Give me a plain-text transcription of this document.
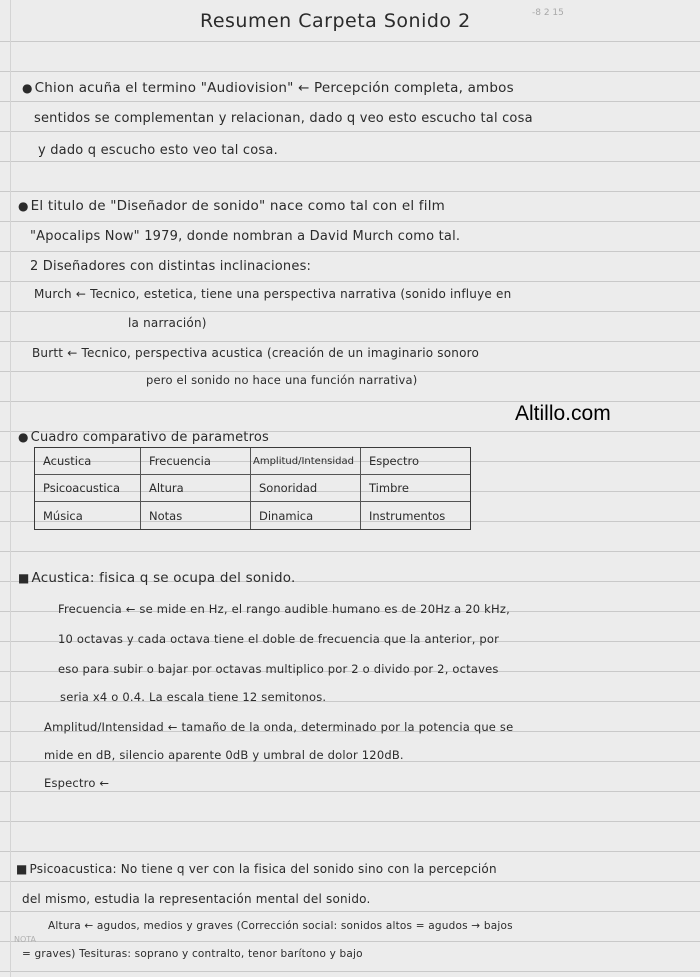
Resumen Carpeta Sonido 2	-8 2 15
● Chion acuña el termino "Audiovision" ← Percepción completa, ambos
sentidos se complementan y relacionan, dado q veo esto escucho tal cosa
y dado q escucho esto veo tal cosa.
● El titulo de "Diseñador de sonido" nace como tal con el film
"Apocalips Now" 1979, donde nombran a David Murch como tal.
2 Diseñadores con distintas inclinaciones:
Murch ← Tecnico, estetica, tiene una perspectiva narrativa (sonido influye en
la narración)
Burtt ← Tecnico, perspectiva acustica (creación de un imaginario sonoro
pero el sonido no hace una función narrativa)
Altillo.com
● Cuadro comparativo de parametros
Acustica	Frecuencia	Amplitud/Intensidad	Espectro
Psicoacustica	Altura	Sonoridad	Timbre
Música	Notas	Dinamica	Instrumentos
■ Acustica: fisica q se ocupa del sonido.
Frecuencia ← se mide en Hz, el rango audible humano es de 20Hz a 20 kHz,
10 octavas y cada octava tiene el doble de frecuencia que la anterior, por
eso para subir o bajar por octavas multiplico por 2 o divido por 2, octaves
seria x4 o 0.4. La escala tiene 12 semitonos.
Amplitud/Intensidad ← tamaño de la onda, determinado por la potencia que se
mide en dB, silencio aparente 0dB y umbral de dolor 120dB.
Espectro ←
■ Psicoacustica: No tiene q ver con la fisica del sonido sino con la percepción
del mismo, estudia la representación mental del sonido.
Altura ← agudos, medios y graves (Corrección social: sonidos altos = agudos → bajos
= graves) Tesituras: soprano y contralto, tenor barítono y bajo
NOTA
